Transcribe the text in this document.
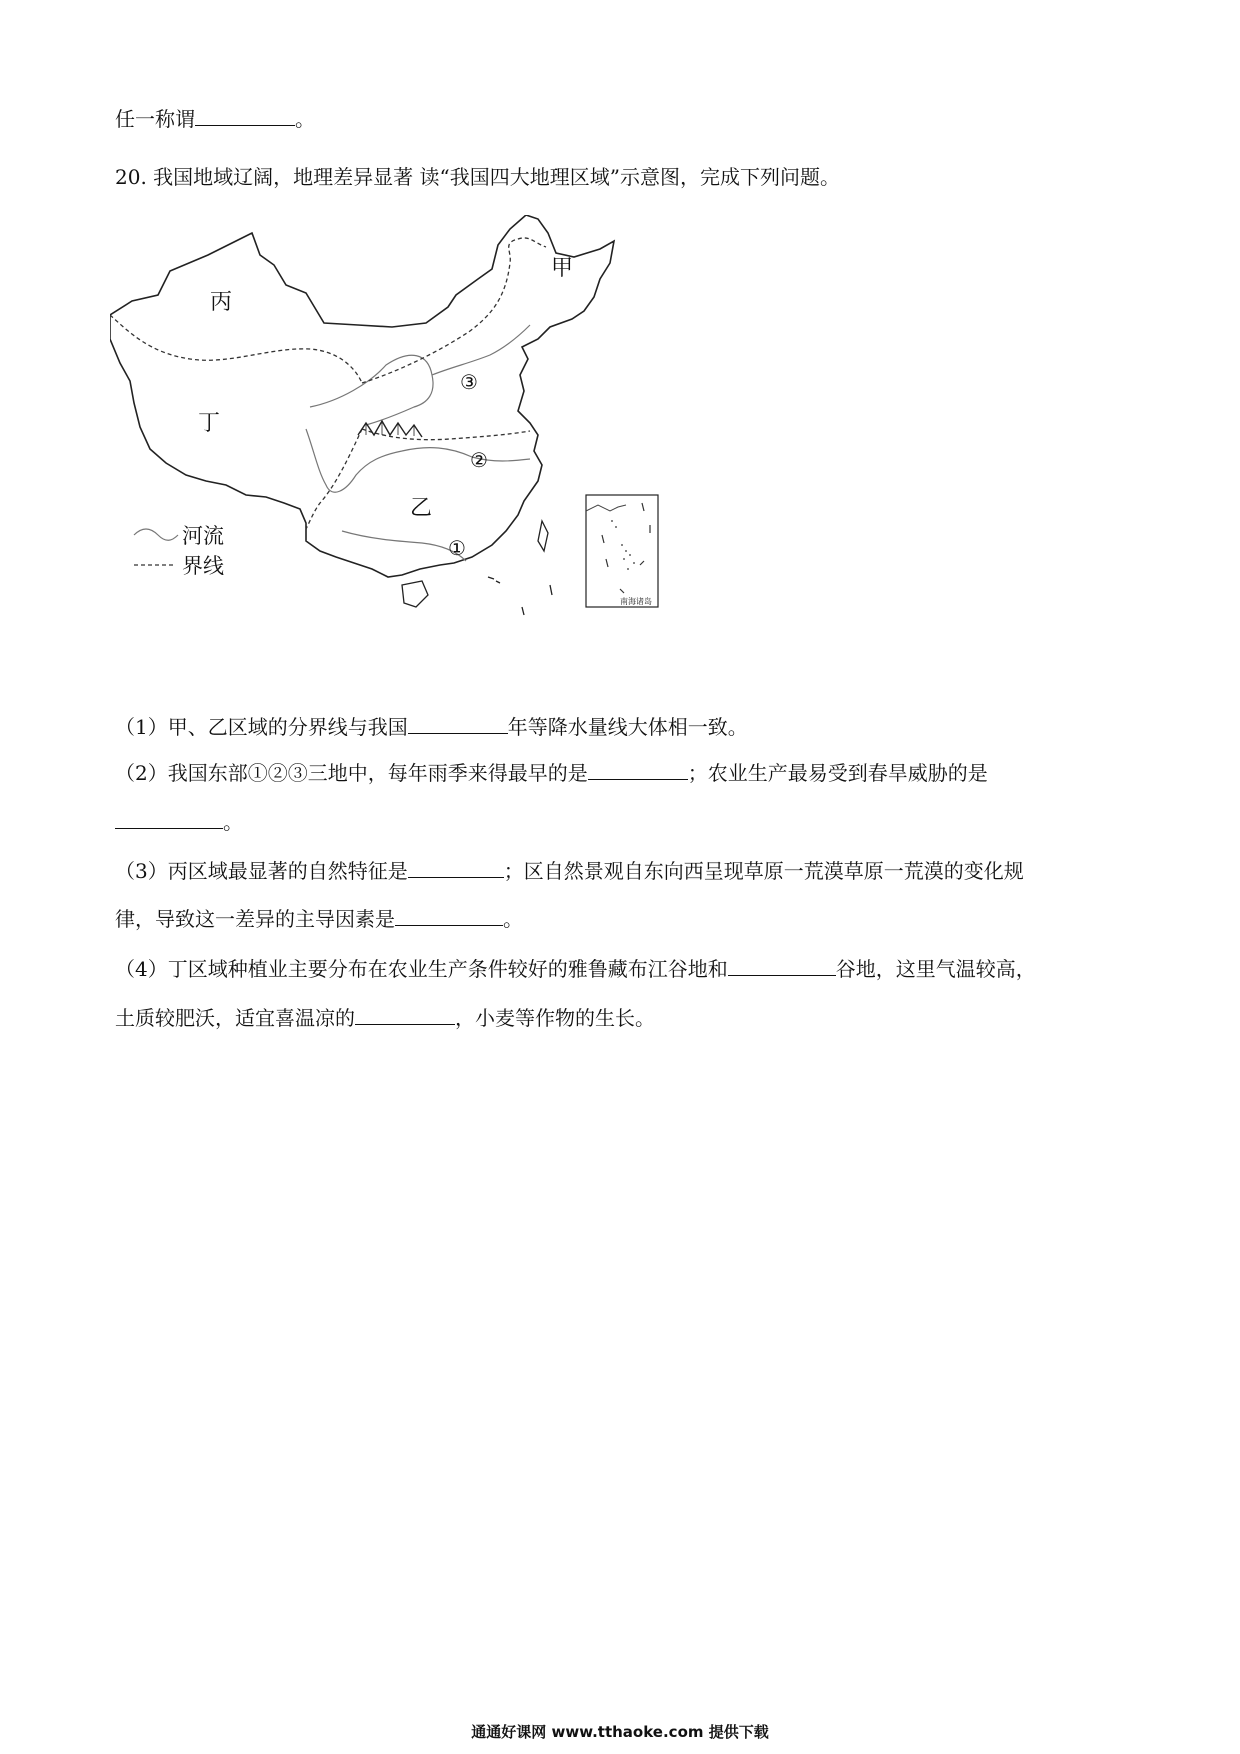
任一称谓	。
20. 我国地域辽阔，地理差异显著 读“我国四大地理区域”示意图，完成下列问题。
甲
乙
丙
丁
③
②
①
河流
界线
南海诸岛
（1）甲、乙区域的分界线与我国	年等降水量线大体相一致。
（2）我国东部①②③三地中，每年雨季来得最早的是	；农业生产最易受到春旱威胁的是
。
（3）丙区域最显著的自然特征是	；区自然景观自东向西呈现草原一荒漠草原一荒漠的变化规
律，导致这一差异的主导因素是	。
（4）丁区域种植业主要分布在农业生产条件较好的雅鲁藏布江谷地和	谷地，这里气温较高，
土质较肥沃，适宜喜温凉的	，小麦等作物的生长。
通通好课网 www.tthaoke.com 提供下载
